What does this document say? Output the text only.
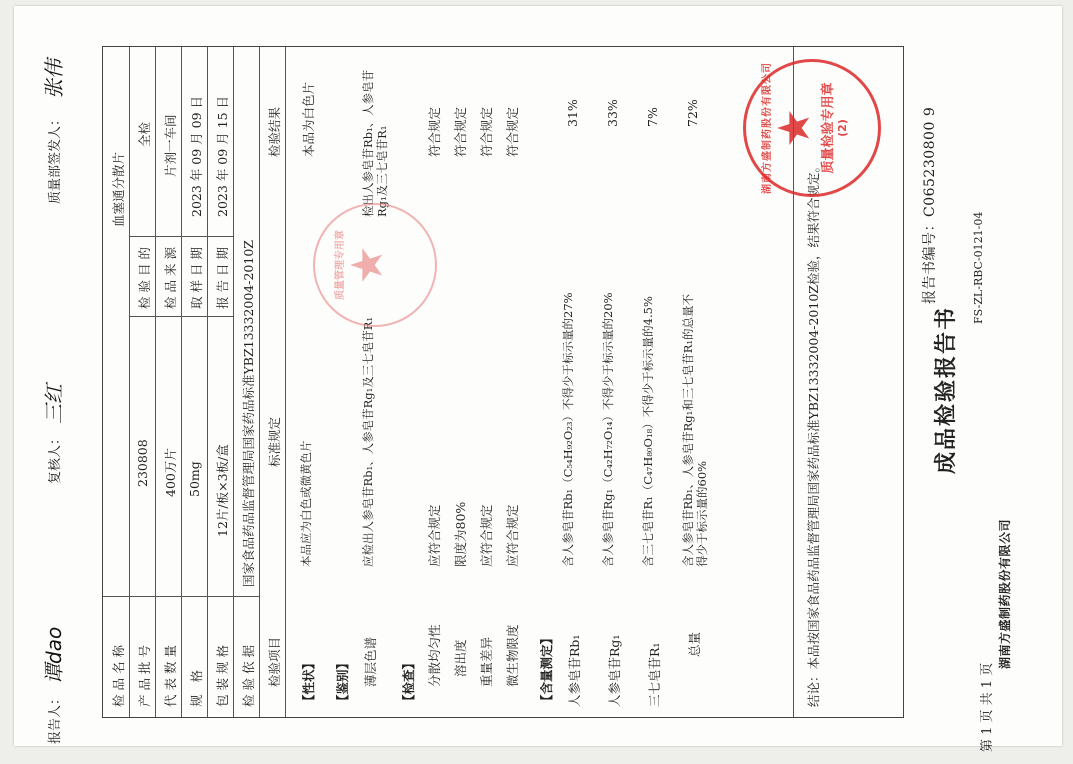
湖南方盛制药股份有限公司
FS-ZL-RBC-0121-04
第 1 页 共 1 页
成品检验报告书
报告书编号：C065230800 9
检品名称
血塞通分散片
产品批号
230808
检验目的
全检
代表数量
400万片
检品来源
片剂一车间
规 格
50mg
取样日期
2023 年 09 月 09 日
包装规格
12片/板×3板/盒
报告日期
2023 年 09 月 15 日
检验依据
国家食品药品监督管理局国家药品标准YBZ13332004-2010Z
检验项目
标准规定
检验结果
【性状】
本品应为白色或微黄色片
本品为白色片
【鉴别】 薄层色谱
应检出人参皂苷Rb₁、人参皂苷Rg₁及三七皂苷R₁
检出人参皂苷Rb₁、人参皂苷Rg₁及三七皂苷R₁
【检查】 分散均匀性
应符合规定
符合规定
溶出度
限度为80%
符合规定
重量差异
应符合规定
符合规定
微生物限度
应符合规定
符合规定
【含量测定】 人参皂苷Rb₁
含人参皂苷Rb₁（C₅₄H₉₂O₂₃）不得少于标示量的27%
31%
人参皂苷Rg₁
含人参皂苷Rg₁（C₄₂H₇₂O₁₄）不得少于标示量的20%
33%
三七皂苷R₁
含三七皂苷R₁（C₄₇H₈₀O₁₈）不得少于标示量的4.5%
7%
总量
含人参皂苷Rb₁、人参皂苷Rg₁和三七皂苷R₁的总量不得少于标示量的60%
72%
结论：本品按国家食品药品监督管理局国家药品标准YBZ13332004-2010Z检验，结果符合规定。
质量管理专用章
★
湖南方盛制药股份有限公司
★ 质量检验专用章 (2)
报告人：
谭dao
复核人：
三红
质量部签发人：
张伟
